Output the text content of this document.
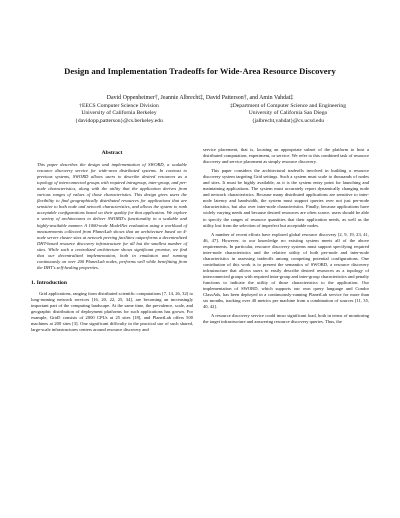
Design and Implementation Tradeoffs for Wide-Area Resource Discovery
David Oppenheimer†, Jeannie Albrecht‡, David Patterson†, and Amin Vahdat‡
†EECS Computer Science Division
University of California Berkeley
{davidopp,patterson}@cs.berkeley.edu
‡Department of Computer Science and Engineering
University of California San Diego
{jalbrecht,vahdat}@cs.ucsd.edu
Abstract

This paper describes the design and implementation of SWORD, a scalable resource discovery service for wide-area distributed systems. In contrast to previous systems, SWORD allows users to describe desired resources as a topology of interconnected groups with required intragroup, inter-group, and per-node characteristics, along with the utility that the application derives from various ranges of values of those characteristics. This design gives users the flexibility to find geographically distributed resources for applications that are sensitive to both node and network characteristics, and allows the system to rank acceptable configurations based on their quality for that application. We explore a variety of architectures to deliver SWORD's functionality in a scalable and highly-available manner. A 1000-node ModelNet evaluation using a workload of measurements collected from PlanetLab shows that an architecture based on 4-node server cluster sites at network peering facilities outperforms a decentralized DHT-based resource discovery infrastructure for all but the smallest number of sites. While such a centralized architecture shows significant promise, we find that our decentralized implementation, both in emulation and running continuously on over 200 PlanetLab nodes, performs well while benefitting from the DHT's self-healing properties.

1. Introduction

Grid applications, ranging from distributed scientific computations [7, 14, 26, 32] to long-running network services [16, 20, 22, 25, 34], are becoming an increasingly important part of the computing landscape. At the same time, the prevalence, scale, and geographic distribution of deployment platforms for such applications has grown. For example, Grid5 consists of 2000 CPUs at 25 sites [18], and PlanetLab offers 500 machines at 200 sites [3]. One significant difficulty in the practical use of such shared, large-scale infrastructures centers around resource discovery and

service placement, that is, locating an appropriate subset of the platform to host a distributed computation, experiment, or service. We refer to this combined task of resource discovery and service placement as simply resource discovery.

This paper considers the architectural tradeoffs involved in building a resource discovery system targeting Grid settings. Such a system must scale to thousands of nodes and sites. It must be highly available, as it is the system entry point for launching and maintaining applications. The system must accurately report dynamically changing node and network characteristics. Because many distributed applications are sensitive to inter-node latency and bandwidth, the system must support queries over not just per-node characteristics, but also over inter-node characteristics. Finally, because applications have widely varying needs and because desired resources are often scarce, users should be able to specify the ranges of resource quantities that their application needs, as well as the utility lost from the selection of imperfect but acceptable nodes.

A number of recent efforts have explored global resource discovery [2, 9, 19, 23, 41, 46, 47]. However, to our knowledge no existing system meets all of the above requirements. In particular, resource discovery systems must support specifying required inter-node characteristics and the relative utility of both per-node and inter-node characteristics in assessing tradeoffs among competing potential configurations. One contribution of this work is to present the semantics of SWORD, a resource discovery infrastructure that allows users to easily describe desired resources as a topology of interconnected groups with required intra-group and inter-group characteristics and penalty functions to indicate the utility of those characteristics to the application. Our implementation of SWORD, which supports our own query language and Condor ClassAds, has been deployed in a continuously-running PlanetLab service for more than six months, tracking over 40 metrics per machine from a combination of sources [11, 35, 40, 42].

A resource discovery service could incur significant load, both in terms of monitoring the target infrastructure and answering resource discovery queries. Thus, the
